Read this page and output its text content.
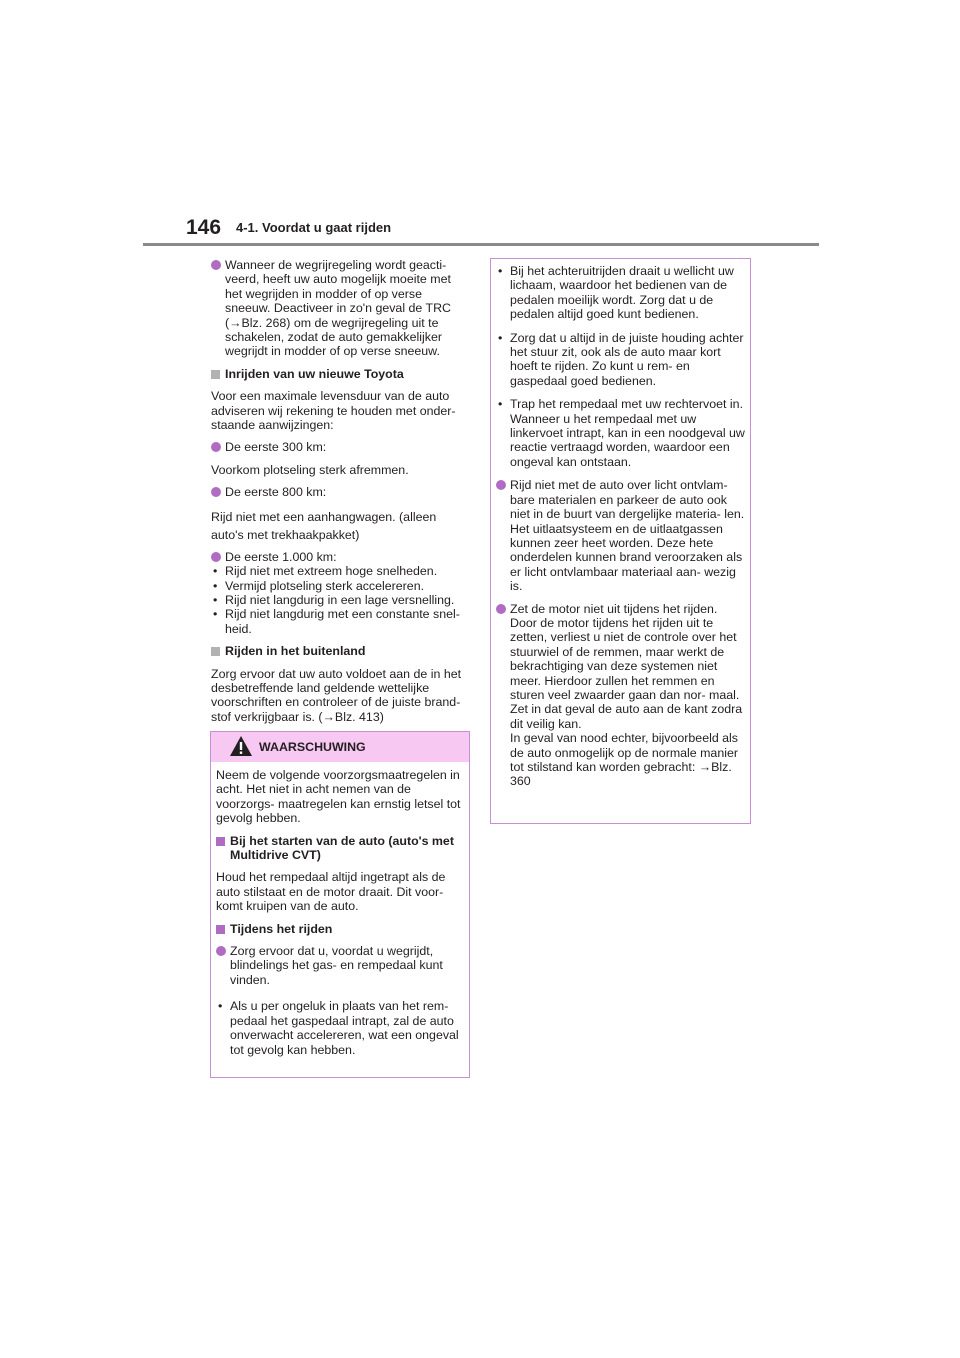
146 4-1. Voordat u gaat rijden
Wanneer de wegrijregeling wordt geacti- veerd, heeft uw auto mogelijk moeite met het wegrijden in modder of op verse sneeuw. Deactiveer in zo'n geval de TRC (→Blz. 268) om de wegrijregeling uit te schakelen, zodat de auto gemakkelijker wegrijdt in modder of op verse sneeuw.
Inrijden van uw nieuwe Toyota

Voor een maximale levensduur van de auto adviseren wij rekening te houden met onder- staande aanwijzingen:

De eerste 300 km:

Voorkom plotseling sterk afremmen.

De eerste 800 km:

Rijd niet met een aanhangwagen. (alleen
auto's met trekhaakpakket)

De eerste 1.000 km:
• Rijd niet met extreem hoge snelheden.
• Vermijd plotseling sterk accelereren.
• Rijd niet langdurig in een lage versnelling.
• Rijd niet langdurig met een constante snel- heid.
Rijden in het buitenland

Zorg ervoor dat uw auto voldoet aan de in het desbetreffende land geldende wettelijke voorschriften en controleer of de juiste brand- stof verkrijgbaar is. (→Blz. 413)

WAARSCHUWING

Neem de volgende voorzorgsmaatregelen in acht. Het niet in acht nemen van de voorzorgs- maatregelen kan ernstig letsel tot gevolg hebben.

Bij het starten van de auto (auto's met Multidrive CVT)

Houd het rempedaal altijd ingetrapt als de auto stilstaat en de motor draait. Dit voor- komt kruipen van de auto.

Tijdens het rijden
Zorg ervoor dat u, voordat u wegrijdt, blindelings het gas- en rempedaal kunt vinden.
• Als u per ongeluk in plaats van het rem- pedaal het gaspedaal intrapt, zal de auto onverwacht accelereren, wat een ongeval tot gevolg kan hebben.
• Bij het achteruitrijden draait u wellicht uw lichaam, waardoor het bedienen van de pedalen moeilijk wordt. Zorg dat u de pedalen altijd goed kunt bedienen.
• Zorg dat u altijd in de juiste houding achter het stuur zit, ook als de auto maar kort hoeft te rijden. Zo kunt u rem- en gaspedaal goed bedienen.
• Trap het rempedaal met uw rechtervoet in. Wanneer u het rempedaal met uw linkervoet intrapt, kan in een noodgeval uw reactie vertraagd worden, waardoor een ongeval kan ontstaan.
Rijd niet met de auto over licht ontvlam- bare materialen en parkeer de auto ook niet in de buurt van dergelijke materia- len.
Het uitlaatsysteem en de uitlaatgassen kunnen zeer heet worden. Deze hete onderdelen kunnen brand veroorzaken als er licht ontvlambaar materiaal aan- wezig is.
Zet de motor niet uit tijdens het rijden. Door de motor tijdens het rijden uit te zetten, verliest u niet de controle over het stuurwiel of de remmen, maar werkt de bekrachtiging van deze systemen niet meer. Hierdoor zullen het remmen en sturen veel zwaarder gaan dan nor- maal. Zet in dat geval de auto aan de kant zodra dit veilig kan.
In geval van nood echter, bijvoorbeeld als de auto onmogelijk op de normale manier tot stilstand kan worden gebracht: →Blz. 360
